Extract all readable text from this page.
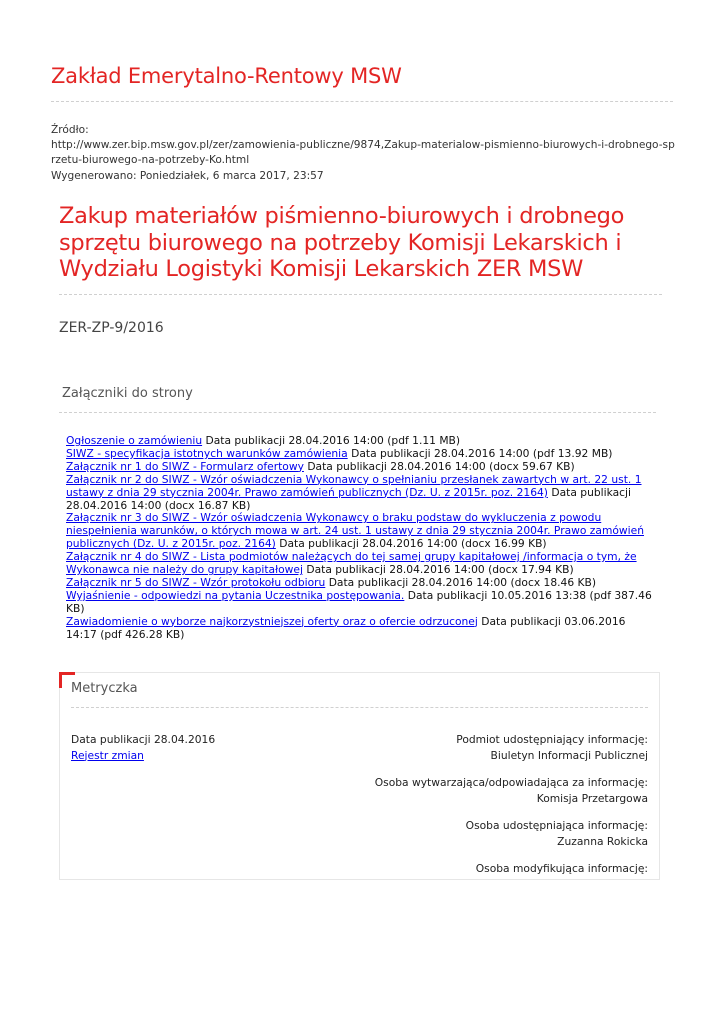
Zakład Emerytalno-Rentowy MSW
Źródło:
http://www.zer.bip.msw.gov.pl/zer/zamowienia-publiczne/9874,Zakup-materialow-pismienno-biurowych-i-drobnego-sprzetu-biurowego-na-potrzeby-Ko.html
Wygenerowano: Poniedziałek, 6 marca 2017, 23:57
Zakup materiałów piśmienno-biurowych i drobnego sprzętu biurowego na potrzeby Komisji Lekarskich i Wydziału Logistyki Komisji Lekarskich ZER MSW
ZER-ZP-9/2016
Załączniki do strony
Ogłoszenie o zamówieniu Data publikacji 28.04.2016 14:00 (pdf 1.11 MB)
SIWZ - specyfikacja istotnych warunków zamówienia Data publikacji 28.04.2016 14:00 (pdf 13.92 MB)
Załącznik nr 1 do SIWZ - Formularz ofertowy Data publikacji 28.04.2016 14:00 (docx 59.67 KB)
Załącznik nr 2 do SIWZ - Wzór oświadczenia Wykonawcy o spełnianiu przesłanek zawartych w art. 22 ust. 1 ustawy z dnia 29 stycznia 2004r. Prawo zamówień publicznych (Dz. U. z 2015r. poz. 2164) Data publikacji 28.04.2016 14:00 (docx 16.87 KB)
Załącznik nr 3 do SIWZ - Wzór oświadczenia Wykonawcy o braku podstaw do wykluczenia z powodu niespełnienia warunków, o których mowa w art. 24 ust. 1 ustawy z dnia 29 stycznia 2004r. Prawo zamówień publicznych (Dz. U. z 2015r. poz. 2164) Data publikacji 28.04.2016 14:00 (docx 16.99 KB)
Załącznik nr 4 do SIWZ - Lista podmiotów należących do tej samej grupy kapitałowej /informacja o tym, że Wykonawca nie należy do grupy kapitałowej Data publikacji 28.04.2016 14:00 (docx 17.94 KB)
Załącznik nr 5 do SIWZ - Wzór protokołu odbioru Data publikacji 28.04.2016 14:00 (docx 18.46 KB)
Wyjaśnienie - odpowiedzi na pytania Uczestnika postępowania. Data publikacji 10.05.2016 13:38 (pdf 387.46 KB)
Zawiadomienie o wyborze najkorzystniejszej oferty oraz o ofercie odrzuconej Data publikacji 03.06.2016 14:17 (pdf 426.28 KB)
Metryczka
Data publikacji 28.04.2016
Rejestr zmian
Podmiot udostępniający informację:
Biuletyn Informacji Publicznej
Osoba wytwarzająca/odpowiadająca za informację:
Komisja Przetargowa
Osoba udostępniająca informację:
Zuzanna Rokicka
Osoba modyfikująca informację:
